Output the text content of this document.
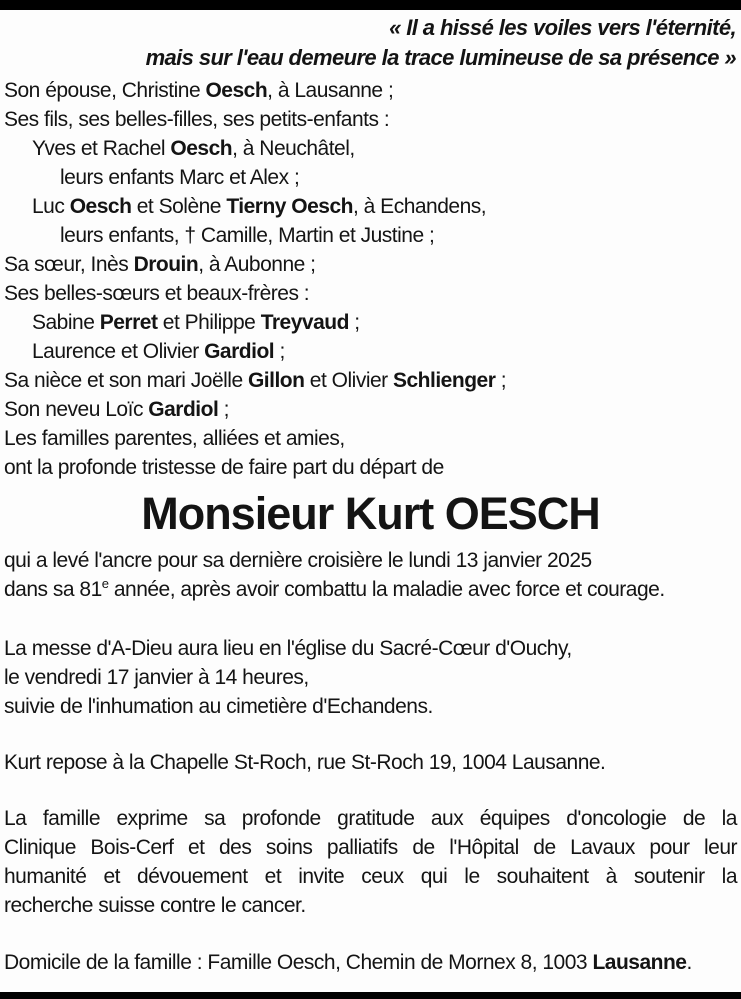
« Il a hissé les voiles vers l'éternité,
mais sur l'eau demeure la trace lumineuse de sa présence »
Son épouse, Christine Oesch, à Lausanne ;
Ses fils, ses belles-filles, ses petits-enfants :
Yves et Rachel Oesch, à Neuchâtel,
leurs enfants Marc et Alex ;
Luc Oesch et Solène Tierny Oesch, à Echandens,
leurs enfants, † Camille, Martin et Justine ;
Sa sœur, Inès Drouin, à Aubonne ;
Ses belles-sœurs et beaux-frères :
Sabine Perret et Philippe Treyvaud ;
Laurence et Olivier Gardiol ;
Sa nièce et son mari Joëlle Gillon et Olivier Schlienger ;
Son neveu Loïc Gardiol ;
Les familles parentes, alliées et amies,
ont la profonde tristesse de faire part du départ de
Monsieur Kurt OESCH
qui a levé l'ancre pour sa dernière croisière le lundi 13 janvier 2025
dans sa 81e année, après avoir combattu la maladie avec force et courage.
La messe d'A-Dieu aura lieu en l'église du Sacré-Cœur d'Ouchy,
le vendredi 17 janvier à 14 heures,
suivie de l'inhumation au cimetière d'Echandens.
Kurt repose à la Chapelle St-Roch, rue St-Roch 19, 1004 Lausanne.
La famille exprime sa profonde gratitude aux équipes d'oncologie de la
Clinique Bois-Cerf et des soins palliatifs de l'Hôpital de Lavaux pour leur
humanité et dévouement et invite ceux qui le souhaitent à soutenir la
recherche suisse contre le cancer.
Domicile de la famille : Famille Oesch, Chemin de Mornex 8, 1003 Lausanne.
